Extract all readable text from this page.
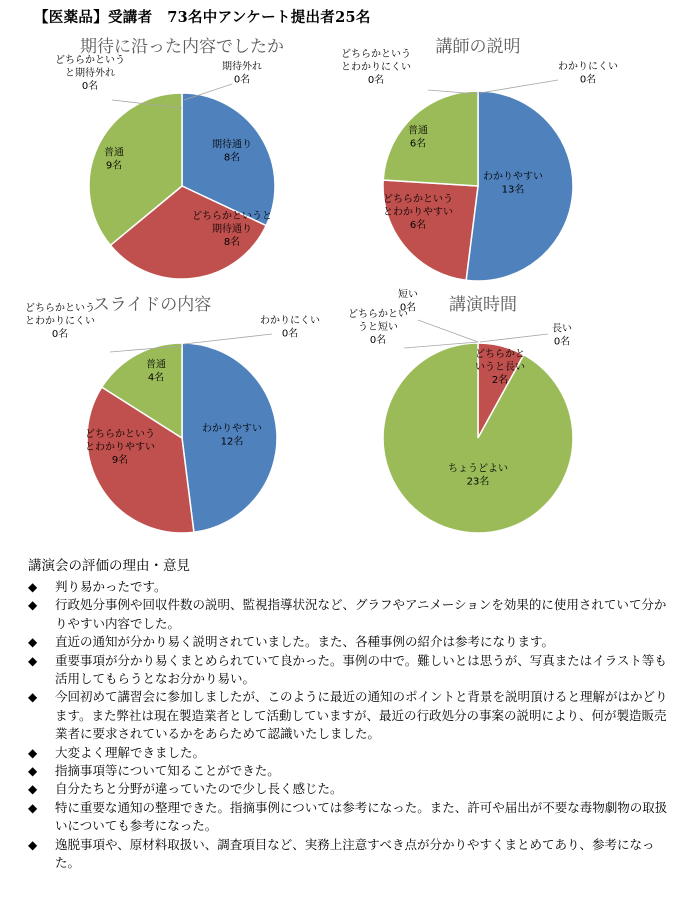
【医薬品】受講者　73名中アンケート提出者25名
期待に沿った内容でしたか
期待通り 8名
どちらかというと期待通り 8名
普通 9名
どちらかというと期待外れ 0名
期待外れ 0名
講師の説明
わかりやすい 13名
どちらかというとわかりやすい 6名
普通 6名
どちらかというとわかりにくい 0名
わかりにくい 0名
スライドの内容
わかりやすい 12名
どちらかというとわかりやすい 9名
普通 4名
どちらかというとわかりにくい 0名
わかりにくい 0名
講演時間
長い 0名
どちらかというと長い 2名
ちょうどよい 23名
どちらかというと短い 0名
短い 0名
講演会の評価の理由・意見
◆ 判り易かったです。
◆ 行政処分事例や回収件数の説明、監視指導状況など、グラフやアニメーションを効果的に使用されていて分かりやすい内容でした。
◆ 直近の通知が分かり易く説明されていました。また、各種事例の紹介は参考になります。
◆ 重要事項が分かり易くまとめられていて良かった。事例の中で。難しいとは思うが、写真またはイラスト等も活用してもらうとなお分かり易い。
◆ 今回初めて講習会に参加しましたが、このように最近の通知のポイントと背景を説明頂けると理解がはかどります。また弊社は現在製造業者として活動していますが、最近の行政処分の事案の説明により、何が製造販売業者に要求されているかをあらためて認識いたしました。
◆ 大変よく理解できました。
◆ 指摘事項等について知ることができた。
◆ 自分たちと分野が違っていたので少し長く感じた。
◆ 特に重要な通知の整理できた。指摘事例については参考になった。また、許可や届出が不要な毒物劇物の取扱いについても参考になった。
◆ 逸脱事項や、原材料取扱い、調査項目など、実務上注意すべき点が分かりやすくまとめてあり、参考になった。
